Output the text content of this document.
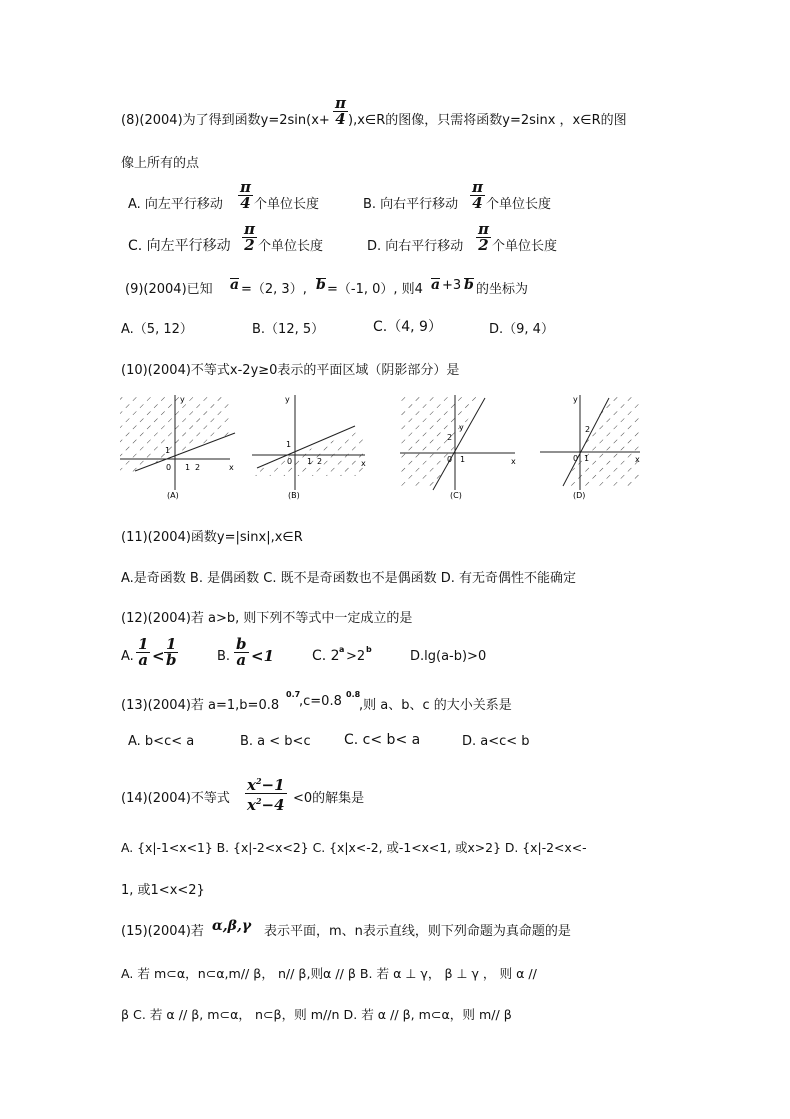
(8)(2004)为了得到函数$y=2\sin(x+ \frac{\pi}{4}$ ),x∈R的图像，只需将函数y=2sinx ，x∈R的图
像上所有的点
A. 向左平行移动 $\frac{\pi}{4}$ 个单位长度	B. 向右平行移动 $\frac{\pi}{4}$ 个单位长度
C. 向左平行移动 $\frac{\pi}{2}$ 个单位长度	D. 向右平行移动 $\frac{\pi}{2}$ 个单位长度
(9)(2004)已知 a =（2, 3）, b =（-1, 0）, 则4 a +3 b 的坐标为
A.（5, 12）	B.（12, 5）	C.（4, 9）	D.（9, 4）
(10)(2004)不等式x-2y≥0表示的平面区域（阴影部分）是
y
x
1
0 1 2
(A)
y
x
1
0 1 2
(B)
y
x
2
0 1
(C)
y
x
2
0 1
(D)
(11)(2004)函数y=|sinx|,x∈R
A.是奇函数 B. 是偶函数 C. 既不是奇函数也不是偶函数 D. 有无奇偶性不能确定
(12)(2004)若 a>b, 则下列不等式中一定成立的是
A. $\frac{1}{a} < \frac{1}{b}$	B. $\frac{b}{a} <1$	C. 2 a >2 b	D.lg(a-b)>0
(13)(2004)若 a=1,b=0.8
0.7
,c=0.8 0.8
,则 a、b、c 的大小关系是
A. b<c< a	B. a < b<c C. c< b< a	D. a<c< b
(14)(2004)不等式 $\frac{x^2-1}{x^2-4} <0$的解集是
A. {x|-1<x<1} B. {x|-2<x<2} C. {x|x<-2, 或-1<x<1, 或x>2} D. {x|-2<x<-
1, 或1<x<2}
(15)(2004)若 α,β,γ 表示平面，m、n表示直线，则下列命题为真命题的是
A. 若 m⊂α，n⊂α,m// β， n// β,则α // β B. 若 α ⊥ γ， β ⊥ γ ， 则 α //
β C. 若 α // β, m⊂α， n⊂β，则 m//n D. 若 α // β, m⊂α，则 m// β
